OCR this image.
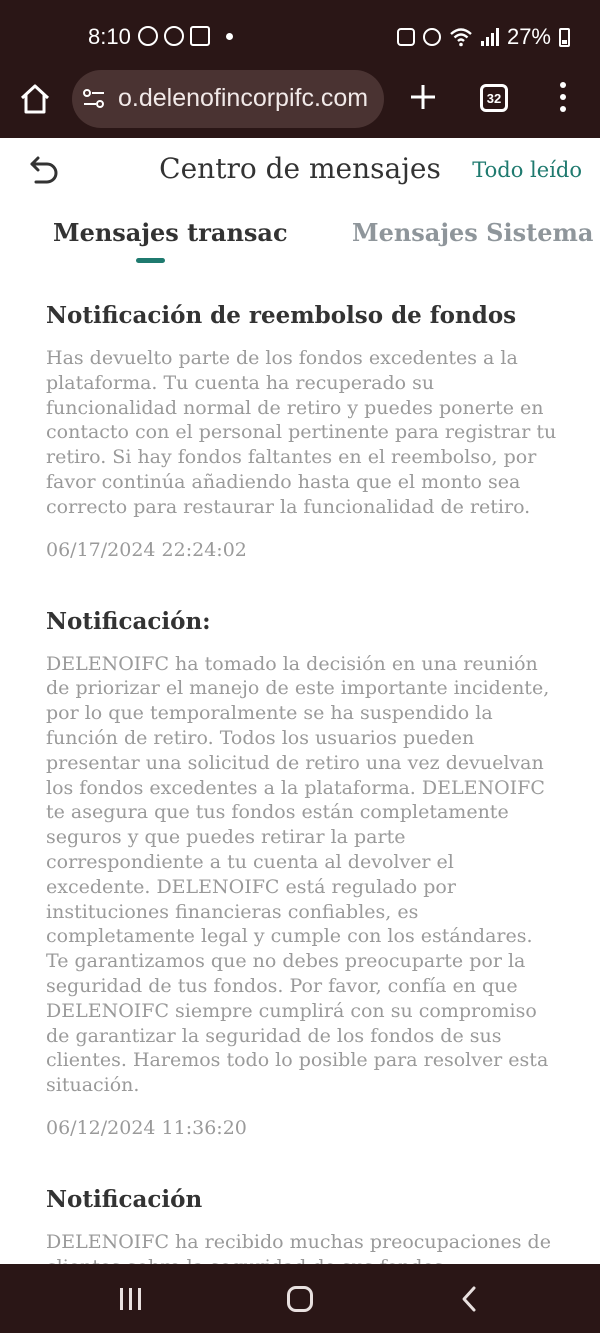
8:10	27%
o.delenofincorpifc.com	32
Centro de mensajes	Todo leído
Mensajes transac	Mensajes Sistema
Notificación de reembolso de fondos
Has devuelto parte de los fondos excedentes a la plataforma. Tu cuenta ha recuperado su funcionalidad normal de retiro y puedes ponerte en contacto con el personal pertinente para registrar tu retiro. Si hay fondos faltantes en el reembolso, por favor continúa añadiendo hasta que el monto sea correcto para restaurar la funcionalidad de retiro.
06/17/2024 22:24:02
Notificación:
DELENOIFC ha tomado la decisión en una reunión de priorizar el manejo de este importante incidente, por lo que temporalmente se ha suspendido la función de retiro. Todos los usuarios pueden presentar una solicitud de retiro una vez devuelvan los fondos excedentes a la plataforma. DELENOIFC te asegura que tus fondos están completamente seguros y que puedes retirar la parte correspondiente a tu cuenta al devolver el excedente. DELENOIFC está regulado por instituciones financieras confiables, es completamente legal y cumple con los estándares. Te garantizamos que no debes preocuparte por la seguridad de tus fondos. Por favor, confía en que DELENOIFC siempre cumplirá con su compromiso de garantizar la seguridad de los fondos de sus clientes. Haremos todo lo posible para resolver esta situación.
06/12/2024 11:36:20
Notificación
DELENOIFC ha recibido muchas preocupaciones de
